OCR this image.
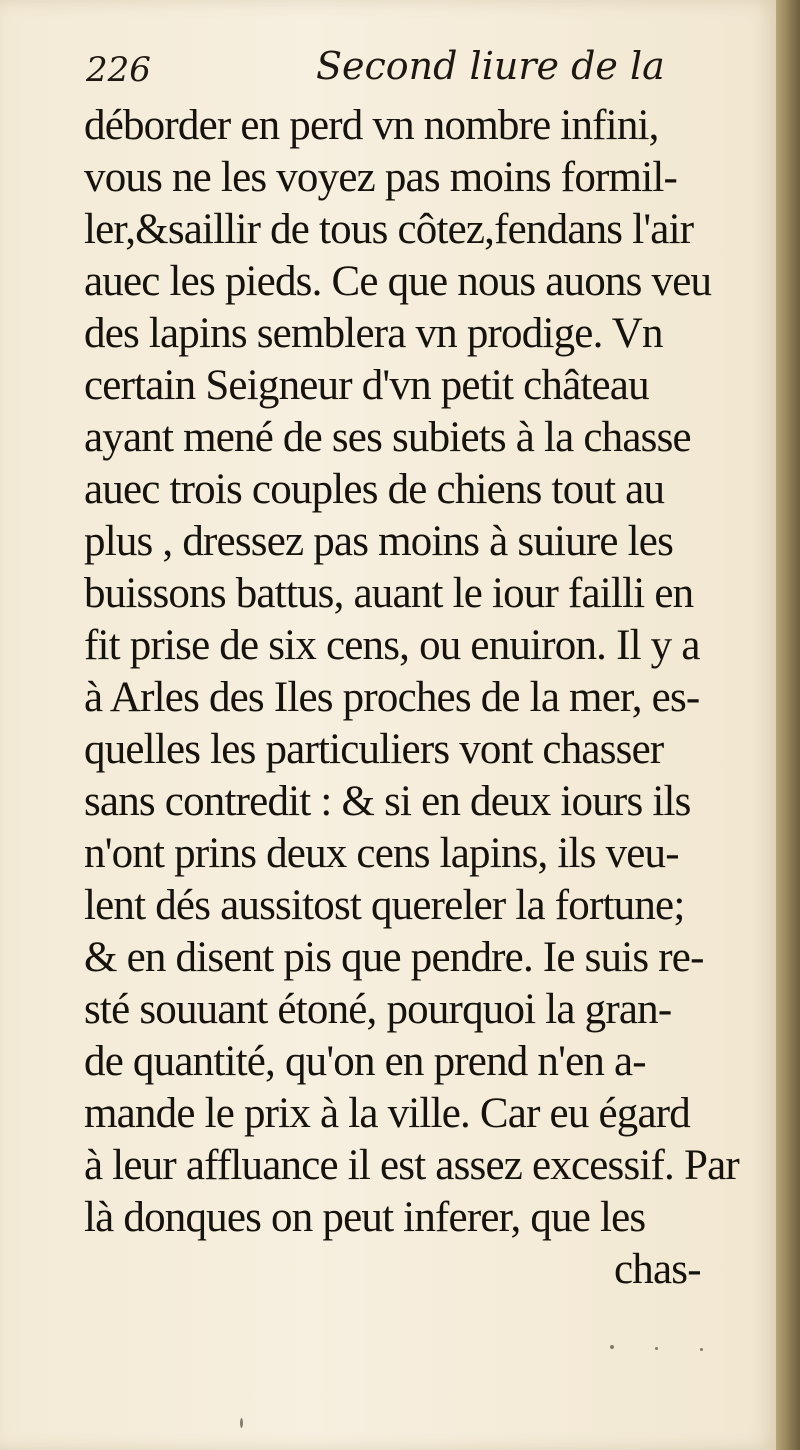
226	Second liure de la
déborder en perd vn nombre infini,
vous ne les voyez pas moins formil-
ler,&saillir de tous côtez,fendans l'air
auec les pieds. Ce que nous auons veu
des lapins semblera vn prodige. Vn
certain Seigneur d'vn petit château
ayant mené de ses subiets à la chasse
auec trois couples de chiens tout au
plus , dressez pas moins à suiure les
buissons battus, auant le iour failli en
fit prise de six cens, ou enuiron. Il y a
à Arles des Iles proches de la mer, es-
quelles les particuliers vont chasser
sans contredit : & si en deux iours ils
n'ont prins deux cens lapins, ils veu-
lent dés aussitost quereler la fortune;
& en disent pis que pendre. Ie suis re-
sté souuant étoné, pourquoi la gran-
de quantité, qu'on en prend n'en a-
mande le prix à la ville. Car eu égard
à leur affluance il est assez excessif. Par
là donques on peut inferer, que les
chas-
